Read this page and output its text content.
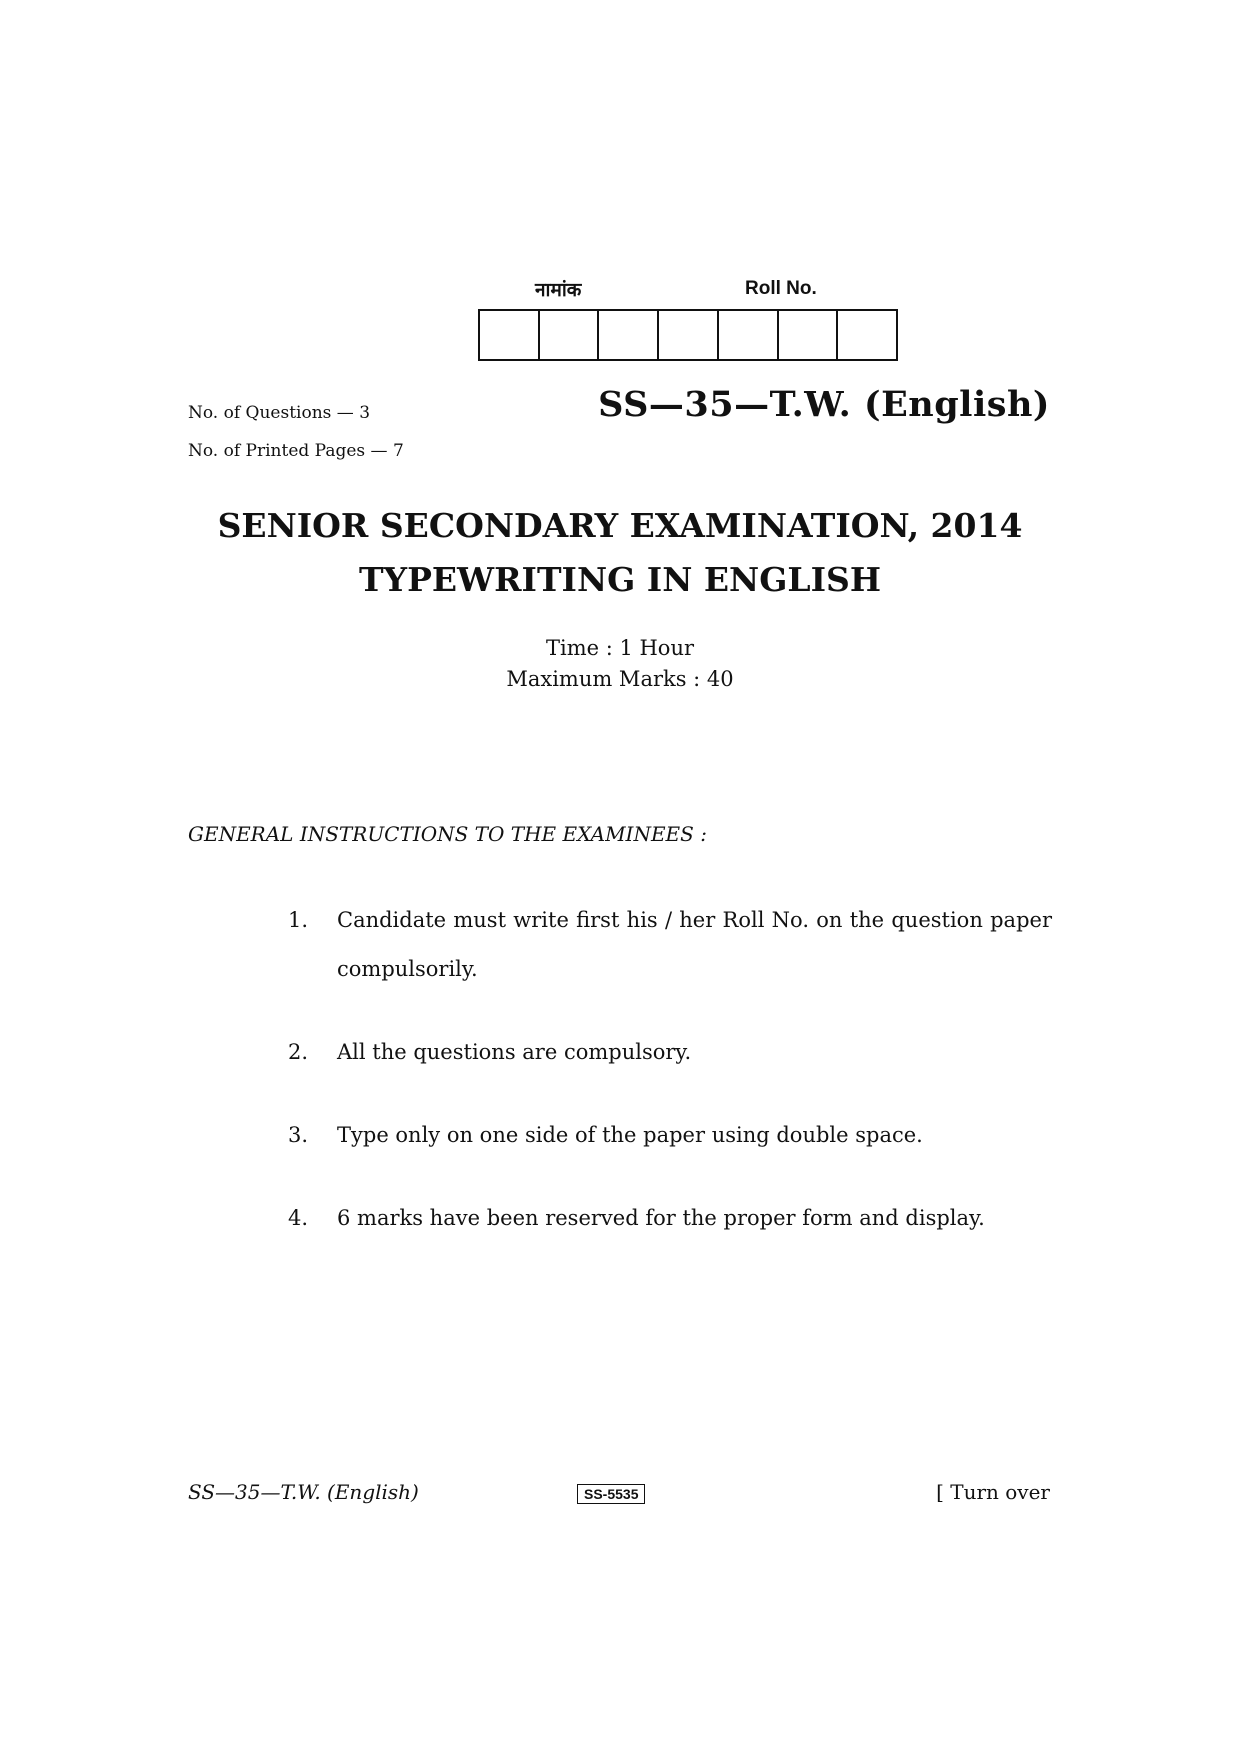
नामांक	Roll No.
No. of Questions — 3
No. of Printed Pages — 7
SS—35—T.W. (English)
SENIOR SECONDARY EXAMINATION, 2014
TYPEWRITING IN ENGLISH
Time : 1 Hour
Maximum Marks : 40
GENERAL INSTRUCTIONS TO THE EXAMINEES :
1.	Candidate must write first his / her Roll No. on the question paper compulsorily.
2.	All the questions are compulsory.
3.	Type only on one side of the paper using double space.
4.	6 marks have been reserved for the proper form and display.
SS—35—T.W. (English)	SS-5535	[ Turn over
